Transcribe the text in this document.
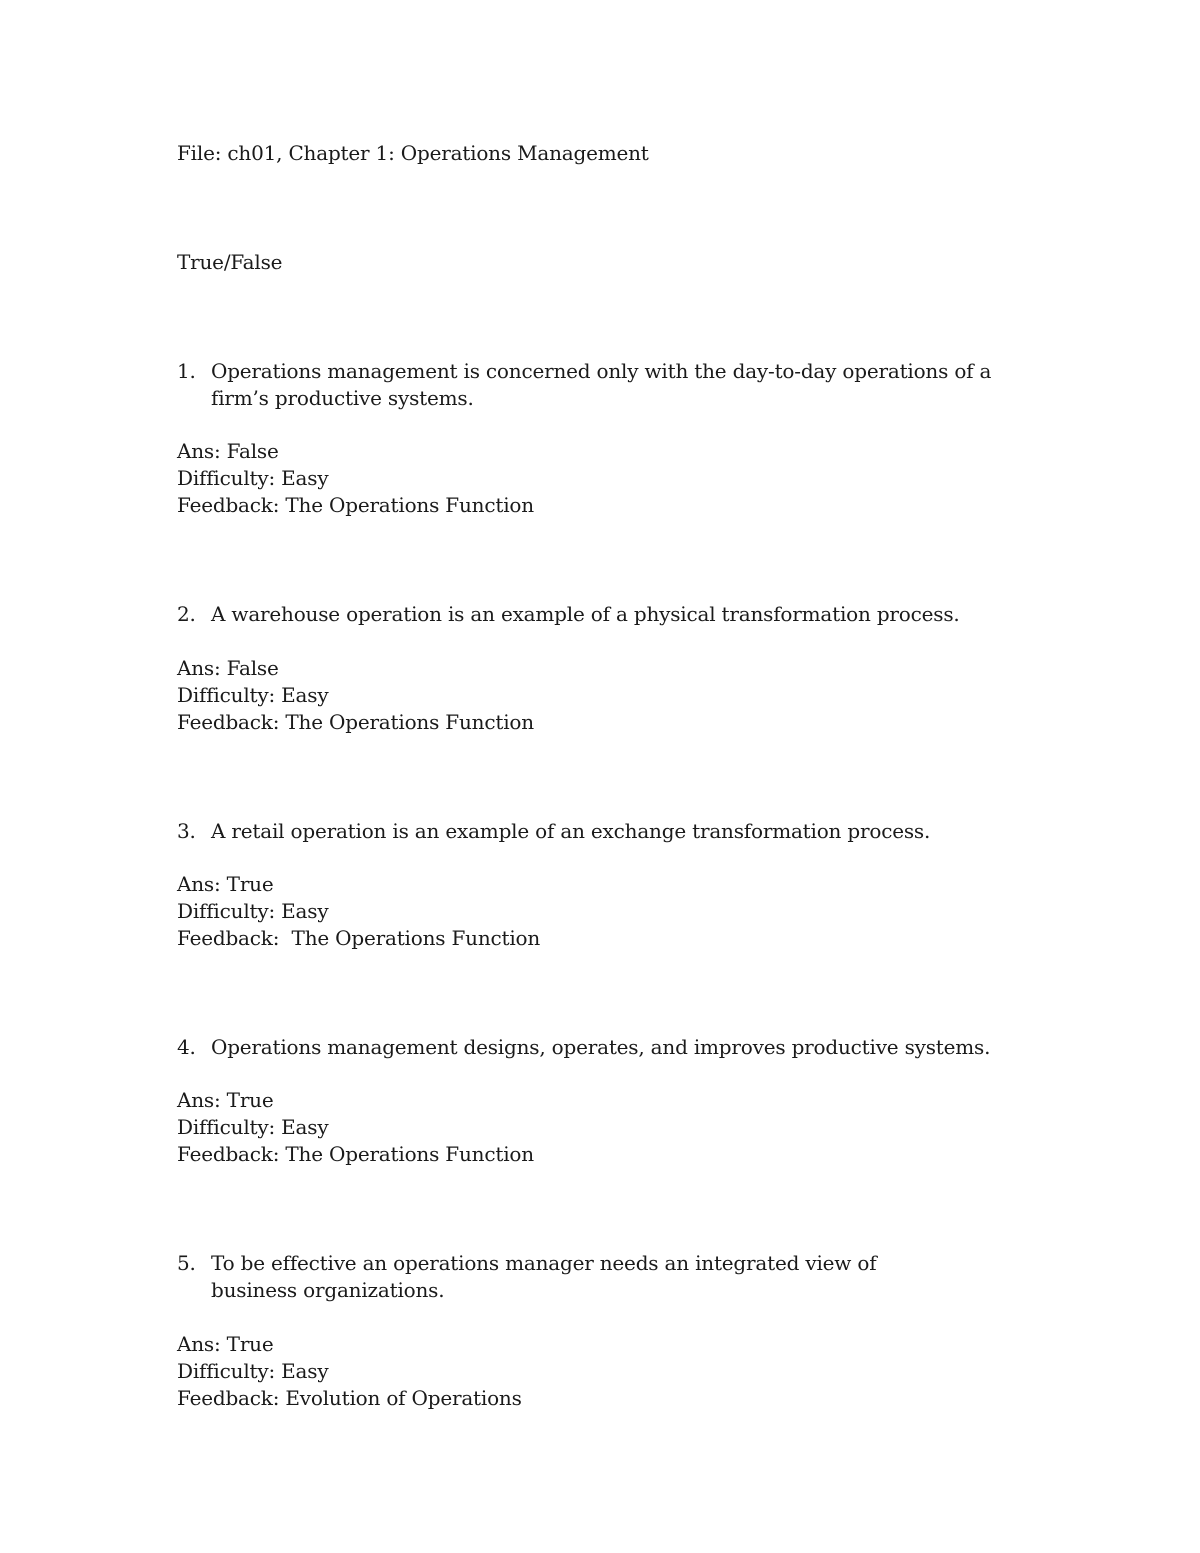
File: ch01, Chapter 1: Operations Management
True/False
1. Operations management is concerned only with the day-to-day operations of a firm’s productive systems.
Ans: False
Difficulty: Easy
Feedback: The Operations Function
2. A warehouse operation is an example of a physical transformation process.
Ans: False
Difficulty: Easy
Feedback: The Operations Function
3. A retail operation is an example of an exchange transformation process.
Ans: True
Difficulty: Easy
Feedback:  The Operations Function
4. Operations management designs, operates, and improves productive systems.
Ans: True
Difficulty: Easy
Feedback: The Operations Function
5. To be effective an operations manager needs an integrated view of business organizations.
Ans: True
Difficulty: Easy
Feedback: Evolution of Operations
